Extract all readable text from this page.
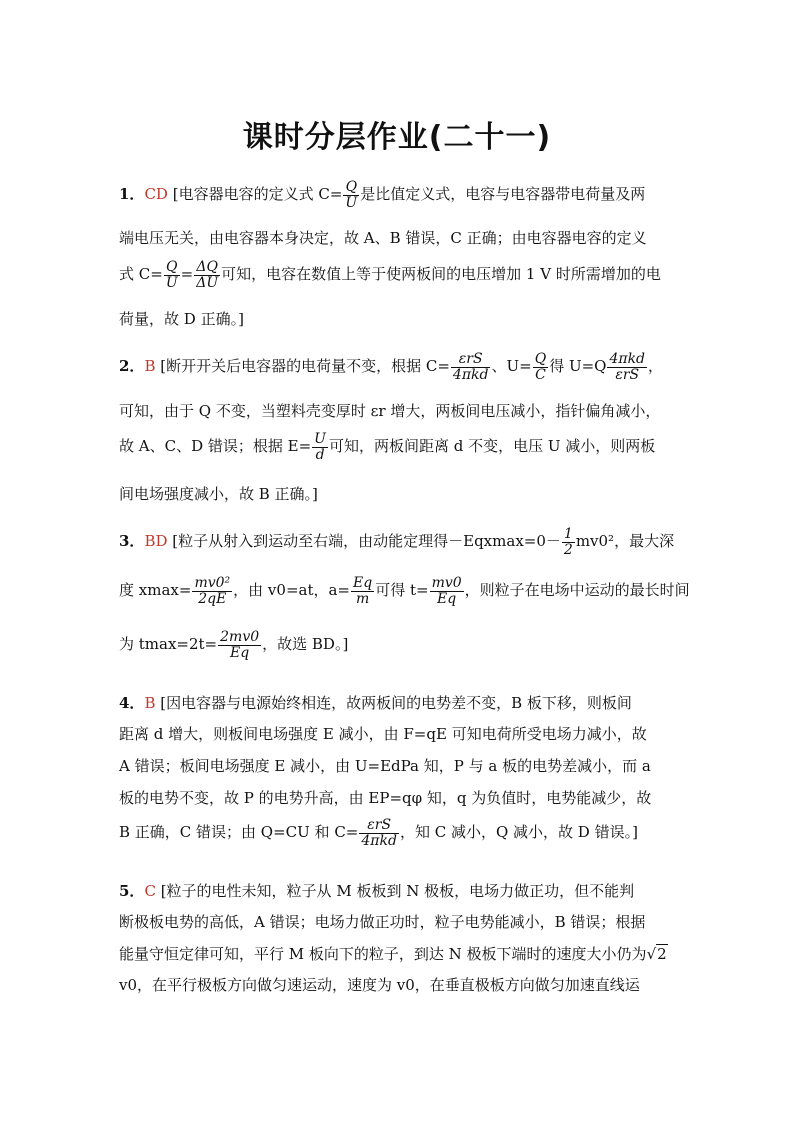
课时分层作业(二十一)
1．CD [电容器电容的定义式 $C= \frac{Q}{U}$ 是比值定义式，电容与电容器带电荷量及两
端电压无关，由电容器本身决定，故 A、B 错误，C 正确；由电容器电容的定义
式 $C= \frac{Q}{U} = \frac{\Delta Q}{\Delta U}$ 可知，电容在数值上等于使两板间的电压增加 1 V 时所需增加的电
荷量，故 D 正确。]
2．B [断开开关后电容器的电荷量不变，根据 $C= \frac{\text{εrS}}{\text{4πkd}}$ 、$U= \frac{Q}{C}$ 得 $U=Q \frac{\text{4πkd}}{\text{εrS}}$ ，
可知，由于 Q 不变，当塑料壳变厚时 εr 增大，两板间电压减小，指针偏角减小，
故 A、C、D 错误；根据 $E= \frac{U}{d}$ 可知，两板间距离 d 不变，电压 U 减小，则两板
间电场强度减小，故 B 正确。]
3．BD [粒子从射入到运动至右端，由动能定理得$-Eqxmax=0- \frac{1}{2} mv0^2$，最大深
度 $xmax= \frac{\text{mv0²}}{2qE}$ ，由 v0=at，$a= \frac{Eq}{m}$ 可得 $t= \frac{mv0}{Eq}$ ，则粒子在电场中运动的最长时间
为 $tmax=2t= \frac{2mv0}{Eq}$ ，故选 BD。]
4．B [因电容器与电源始终相连，故两板间的电势差不变，B 板下移，则板间
距离 d 增大，则板间电场强度 E 减小，由 F=qE 可知电荷所受电场力减小，故
A 错误；板间电场强度 E 减小，由 U=EdPa 知，P 与 a 板的电势差减小，而 a
板的电势不变，故 P 的电势升高，由 EP=qφ 知，q 为负值时，电势能减少，故
B 正确，C 错误；由 Q=CU 和 $C= \frac{\text{εrS}}{\text{4πkd}}$ ，知 C 减小，Q 减小，故 D 错误。]
5．C [粒子的电性未知，粒子从 M 板板到 N 极板，电场力做正功，但不能判
断极板电势的高低，A 错误；电场力做正功时，粒子电势能减小，B 错误；根据
能量守恒定律可知，平行 M 板向下的粒子，到达 N 极板下端时的速度大小仍为√2
v0，在平行极板方向做匀速运动，速度为 v0，在垂直极板方向做匀加速直线运
